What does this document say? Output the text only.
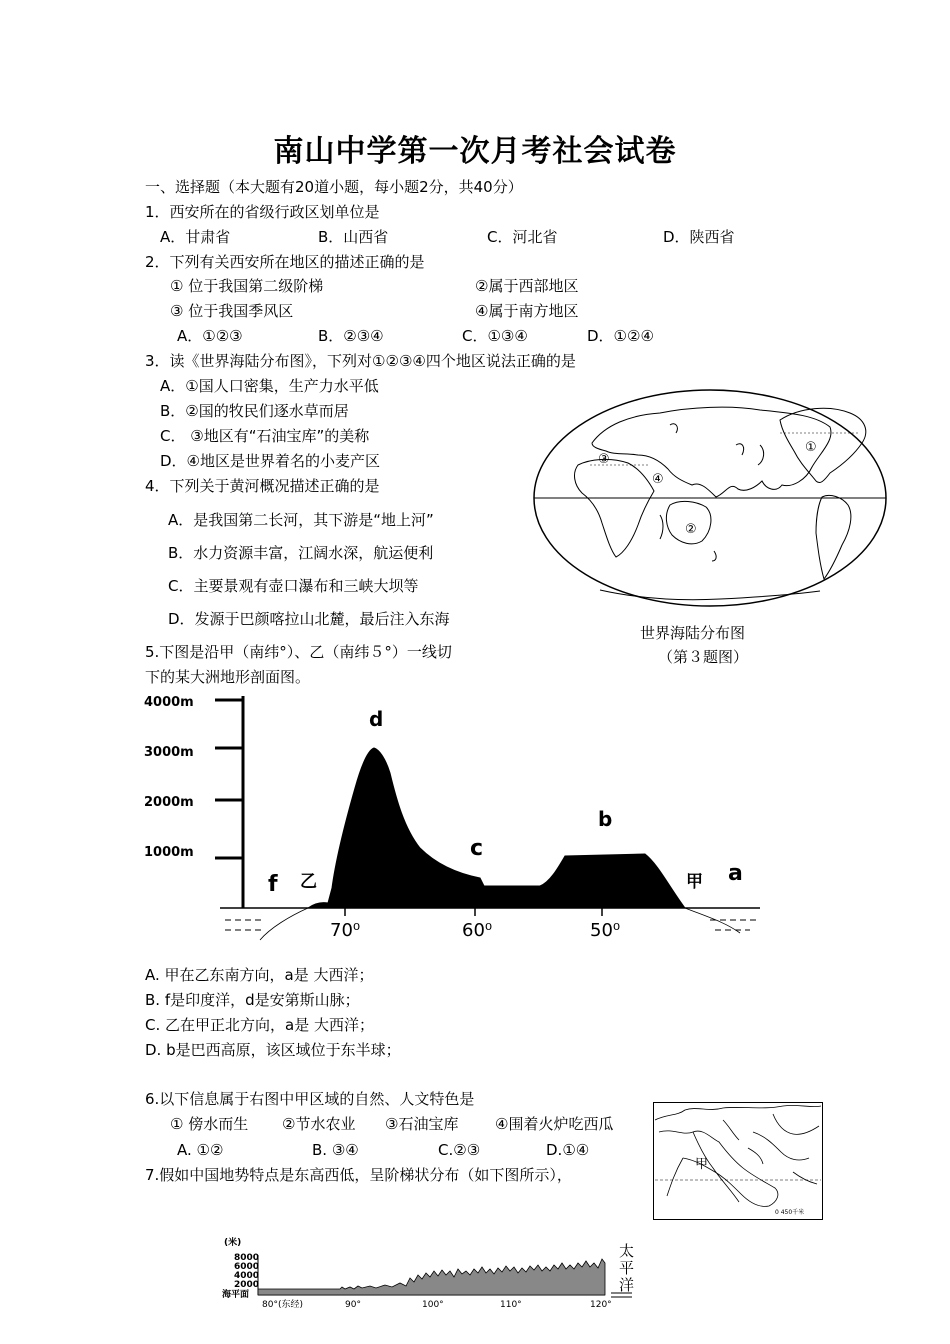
南山中学第一次月考社会试卷
一、选择题（本大题有20道小题，每小题2分，共40分）
1．西安所在的省级行政区划单位是
A．甘肃省	B．山西省	C．河北省	D．陕西省
2．下列有关西安所在地区的描述正确的是
① 位于我国第二级阶梯	②属于西部地区
③ 位于我国季风区	④属于南方地区
A．①②③	B．②③④	C．①③④	D．①②④
3．读《世界海陆分布图》，下列对①②③④四个地区说法正确的是
A．①国人口密集，生产力水平低
B．②国的牧民们逐水草而居
C． ③地区有“石油宝库”的美称
D．④地区是世界着名的小麦产区
①
②
③
④
世界海陆分布图
（第３题图）
4．下列关于黄河概况描述正确的是
A．是我国第二长河，其下游是“地上河”
B．水力资源丰富，江阔水深，航运便利
C．主要景观有壶口瀑布和三峡大坝等
D．发源于巴颜喀拉山北麓，最后注入东海
5.下图是沿甲（南纬°）、乙（南纬５°）一线切
下的某大洲地形剖面图。
4000m
3000m
2000m
1000m
70⁰	60⁰	50⁰
d
b
c
f	a
乙	甲
A. 甲在乙东南方向，a是 大西洋；
B. f是印度洋，d是安第斯山脉；
C. 乙在甲正北方向，a是 大西洋；
D. b是巴西高原，该区域位于东半球；
6.以下信息属于右图中甲区域的自然、人文特色是
① 傍水而生 ②节水农业 ③石油宝库 ④围着火炉吃西瓜
A. ①②	B. ③④	C.②③	D.①④
甲
0 450千米
7.假如中国地势特点是东高西低，呈阶梯状分布（如下图所示），
(米)
8000
6000
4000
2000
海平面
太
平
洋
80°(东经)	90°	100°	110°	120°
